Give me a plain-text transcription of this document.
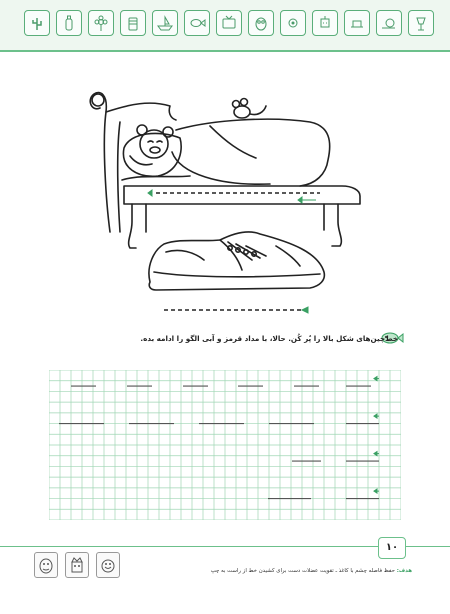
خط‌چین‌های شکل بالا را پُر کُن. حالا، با مداد قرمز و آبی الگو را ادامه بده.
۱۰
هدف: حفظ فاصله چشم با کاغذ ـ تقویت عضلات دست برای کشیدن خط از راست به چپ
